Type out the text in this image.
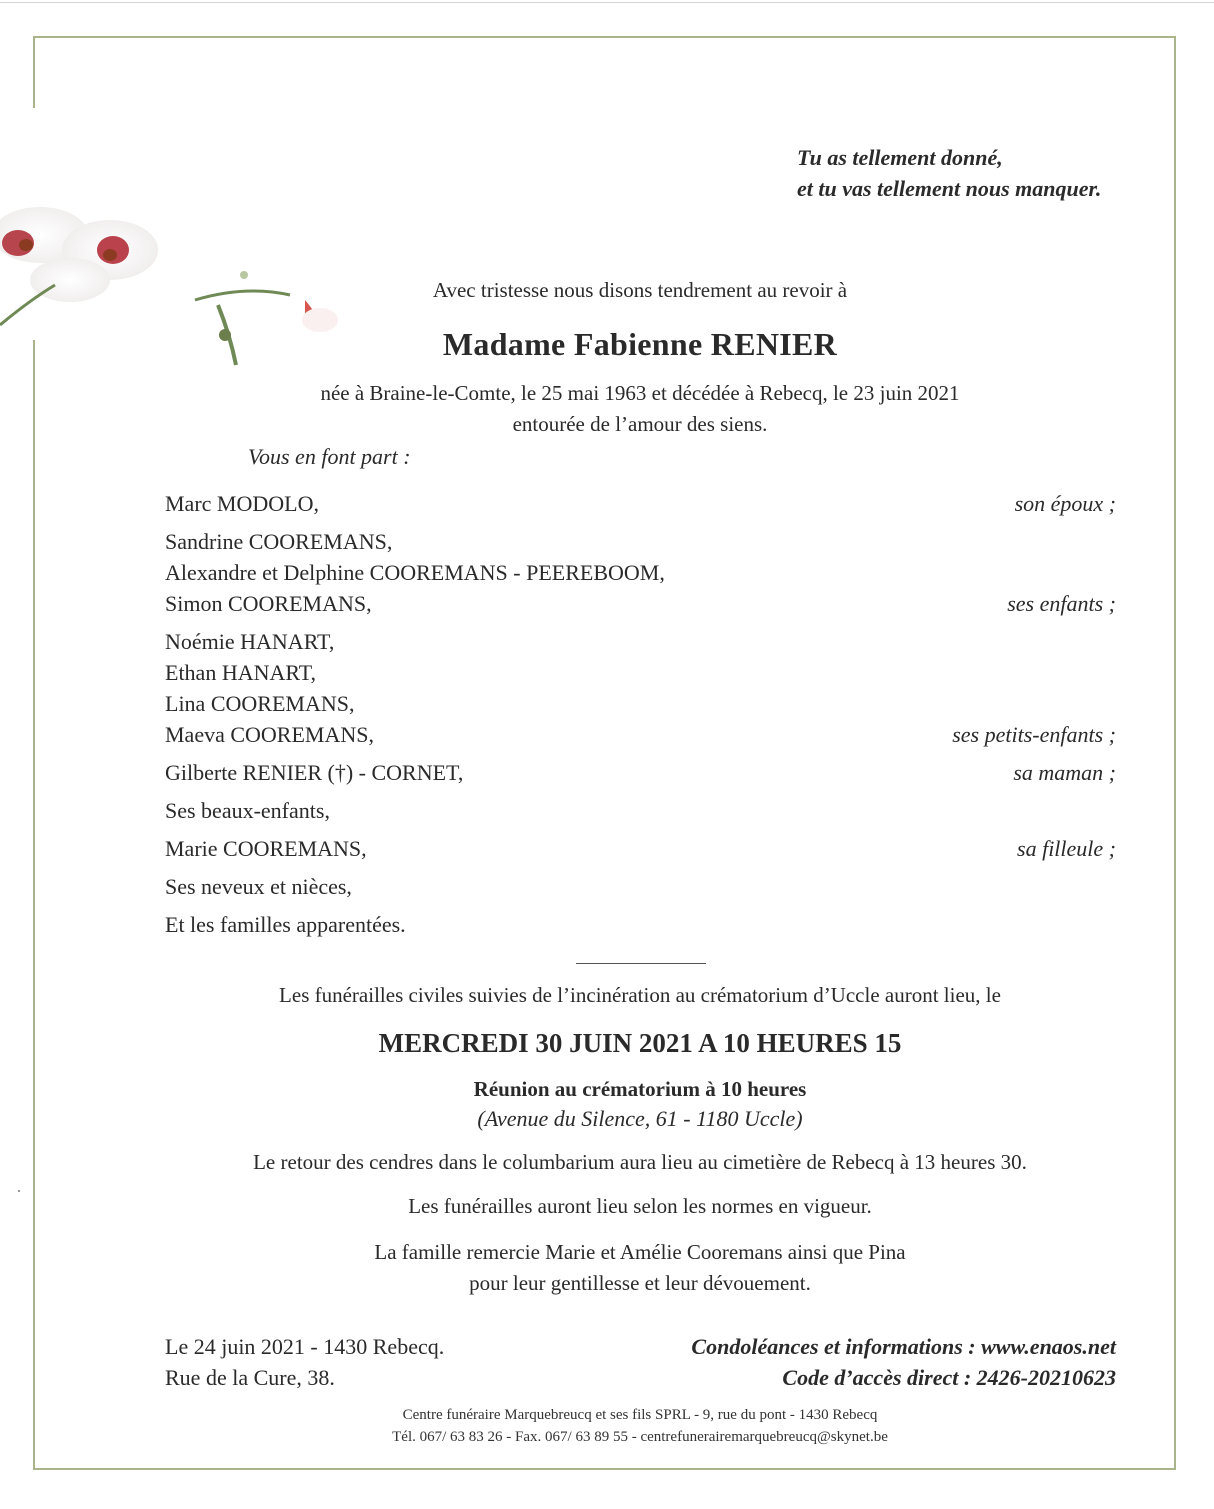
Tu as tellement donné,
et tu vas tellement nous manquer.
Avec tristesse nous disons tendrement au revoir à
Madame Fabienne RENIER
née à Braine-le-Comte, le 25 mai 1963 et décédée à Rebecq, le 23 juin 2021
entourée de l’amour des siens.
Vous en font part :
Marc MODOLO,	son époux ;
Sandrine COOREMANS,
Alexandre et Delphine COOREMANS - PEEREBOOM,
Simon COOREMANS,	ses enfants ;
Noémie HANART,
Ethan HANART,
Lina COOREMANS,
Maeva COOREMANS,	ses petits-enfants ;
Gilberte RENIER (†) - CORNET,	sa maman ;
Ses beaux-enfants,
Marie COOREMANS,	sa filleule ;
Ses neveux et nièces,
Et les familles apparentées.
Les funérailles civiles suivies de l’incinération au crématorium d’Uccle auront lieu, le
MERCREDI 30 JUIN 2021 A 10 HEURES 15
Réunion au crématorium à 10 heures
(Avenue du Silence, 61 - 1180 Uccle)
Le retour des cendres dans le columbarium aura lieu au cimetière de Rebecq à 13 heures 30.
Les funérailles auront lieu selon les normes en vigueur.
La famille remercie Marie et Amélie Cooremans ainsi que Pina
pour leur gentillesse et leur dévouement.
Le 24 juin 2021 - 1430 Rebecq.
Rue de la Cure, 38.
Condoléances et informations : www.enaos.net
Code d’accès direct : 2426-20210623
Centre funéraire Marquebreucq et ses fils SPRL - 9, rue du pont - 1430 Rebecq
Tél. 067/ 63 83 26 - Fax. 067/ 63 89 55 - centrefunerairemarquebreucq@skynet.be
